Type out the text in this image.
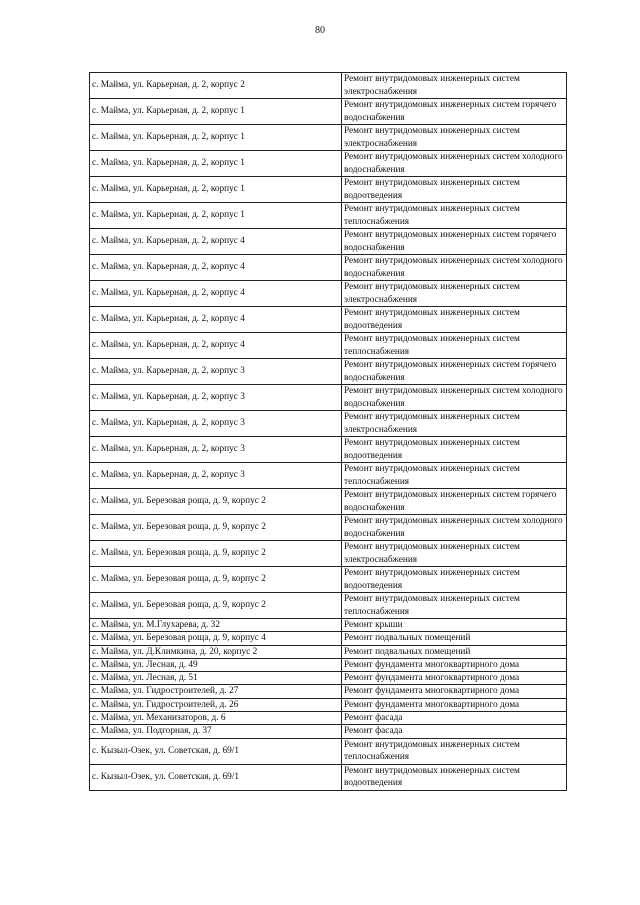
80
с. Майма, ул. Карьерная, д. 2, корпус 2	Ремонт внутридомовых инженерных систем электроснабжения
с. Майма, ул. Карьерная, д. 2, корпус 1	Ремонт внутридомовых инженерных систем горячего водоснабжения
с. Майма, ул. Карьерная, д. 2, корпус 1	Ремонт внутридомовых инженерных систем электроснабжения
с. Майма, ул. Карьерная, д. 2, корпус 1	Ремонт внутридомовых инженерных систем холодного водоснабжения
с. Майма, ул. Карьерная, д. 2, корпус 1	Ремонт внутридомовых инженерных систем водоотведения
с. Майма, ул. Карьерная, д. 2, корпус 1	Ремонт внутридомовых инженерных систем теплоснабжения
с. Майма, ул. Карьерная, д. 2, корпус 4	Ремонт внутридомовых инженерных систем горячего водоснабжения
с. Майма, ул. Карьерная, д. 2, корпус 4	Ремонт внутридомовых инженерных систем холодного водоснабжения
с. Майма, ул. Карьерная, д. 2, корпус 4	Ремонт внутридомовых инженерных систем электроснабжения
с. Майма, ул. Карьерная, д. 2, корпус 4	Ремонт внутридомовых инженерных систем водоотведения
с. Майма, ул. Карьерная, д. 2, корпус 4	Ремонт внутридомовых инженерных систем теплоснабжения
с. Майма, ул. Карьерная, д. 2, корпус 3	Ремонт внутридомовых инженерных систем горячего водоснабжения
с. Майма, ул. Карьерная, д. 2, корпус 3	Ремонт внутридомовых инженерных систем холодного водоснабжения
с. Майма, ул. Карьерная, д. 2, корпус 3	Ремонт внутридомовых инженерных систем электроснабжения
с. Майма, ул. Карьерная, д. 2, корпус 3	Ремонт внутридомовых инженерных систем водоотведения
с. Майма, ул. Карьерная, д. 2, корпус 3	Ремонт внутридомовых инженерных систем теплоснабжения
с. Майма, ул. Березовая роща, д. 9, корпус 2	Ремонт внутридомовых инженерных систем горячего водоснабжения
с. Майма, ул. Березовая роща, д. 9, корпус 2	Ремонт внутридомовых инженерных систем холодного водоснабжения
с. Майма, ул. Березовая роща, д. 9, корпус 2	Ремонт внутридомовых инженерных систем электроснабжения
с. Майма, ул. Березовая роща, д. 9, корпус 2	Ремонт внутридомовых инженерных систем водоотведения
с. Майма, ул. Березовая роща, д. 9, корпус 2	Ремонт внутридомовых инженерных систем теплоснабжения
с. Майма, ул. М.Глухарева, д. 32	Ремонт крыши
с. Майма, ул. Березовая роща, д. 9, корпус 4	Ремонт подвальных помещений
с. Майма, ул. Д.Климкина, д. 20, корпус 2	Ремонт подвальных помещений
с. Майма, ул. Лесная, д. 49	Ремонт фундамента многоквартирного дома
с. Майма, ул. Лесная, д. 51	Ремонт фундамента многоквартирного дома
с. Майма, ул. Гидростроителей, д. 27	Ремонт фундамента многоквартирного дома
с. Майма, ул. Гидростроителей, д. 26	Ремонт фундамента многоквартирного дома
с. Майма, ул. Механизаторов, д. 6	Ремонт фасада
с. Майма, ул. Подгорная, д. 37	Ремонт фасада
с. Кызыл-Озек, ул. Советская, д. 69/1	Ремонт внутридомовых инженерных систем теплоснабжения
с. Кызыл-Озек, ул. Советская, д. 69/1	Ремонт внутридомовых инженерных систем водоотведения
